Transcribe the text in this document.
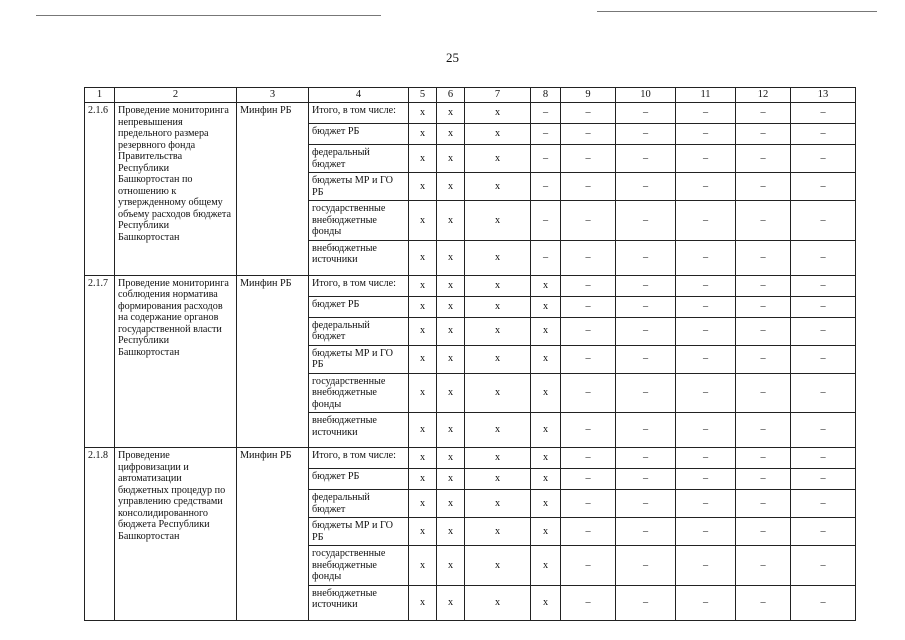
25
1	2	3	4	5	6	7	8	9	10	11	12	13
2.1.6	Проведение мониторинга непревышения предельного размера резервного фонда Правительства Республики Башкортостан по отношению к утвержденному общему объему расходов бюджета Республики Башкортостан	Минфин РБ	Итого, в том числе:	x	x	x	–	–	–	–	–	–
			бюджет РБ	x	x	x	–	–	–	–	–	–
			федеральный бюджет	x	x	x	–	–	–	–	–	–
			бюджеты МР и ГО РБ	x	x	x	–	–	–	–	–	–
			государственные внебюджетные фонды	x	x	x	–	–	–	–	–	–
			внебюджетные источники	x	x	x	–	–	–	–	–	–
2.1.7	Проведение мониторинга соблюдения норматива формирования расходов на содержание органов государственной власти Республики Башкортостан	Минфин РБ	Итого, в том числе:	x	x	x	x	–	–	–	–	–
			бюджет РБ	x	x	x	x	–	–	–	–	–
			федеральный бюджет	x	x	x	x	–	–	–	–	–
			бюджеты МР и ГО РБ	x	x	x	x	–	–	–	–	–
			государственные внебюджетные фонды	x	x	x	x	–	–	–	–	–
			внебюджетные источники	x	x	x	x	–	–	–	–	–
2.1.8	Проведение цифровизации и автоматизации бюджетных процедур по управлению средствами консолидированного бюджета Республики Башкортостан	Минфин РБ	Итого, в том числе:	x	x	x	x	–	–	–	–	–
			бюджет РБ	x	x	x	x	–	–	–	–	–
			федеральный бюджет	x	x	x	x	–	–	–	–	–
			бюджеты МР и ГО РБ	x	x	x	x	–	–	–	–	–
			государственные внебюджетные фонды	x	x	x	x	–	–	–	–	–
			внебюджетные источники	x	x	x	x	–	–	–	–	–
